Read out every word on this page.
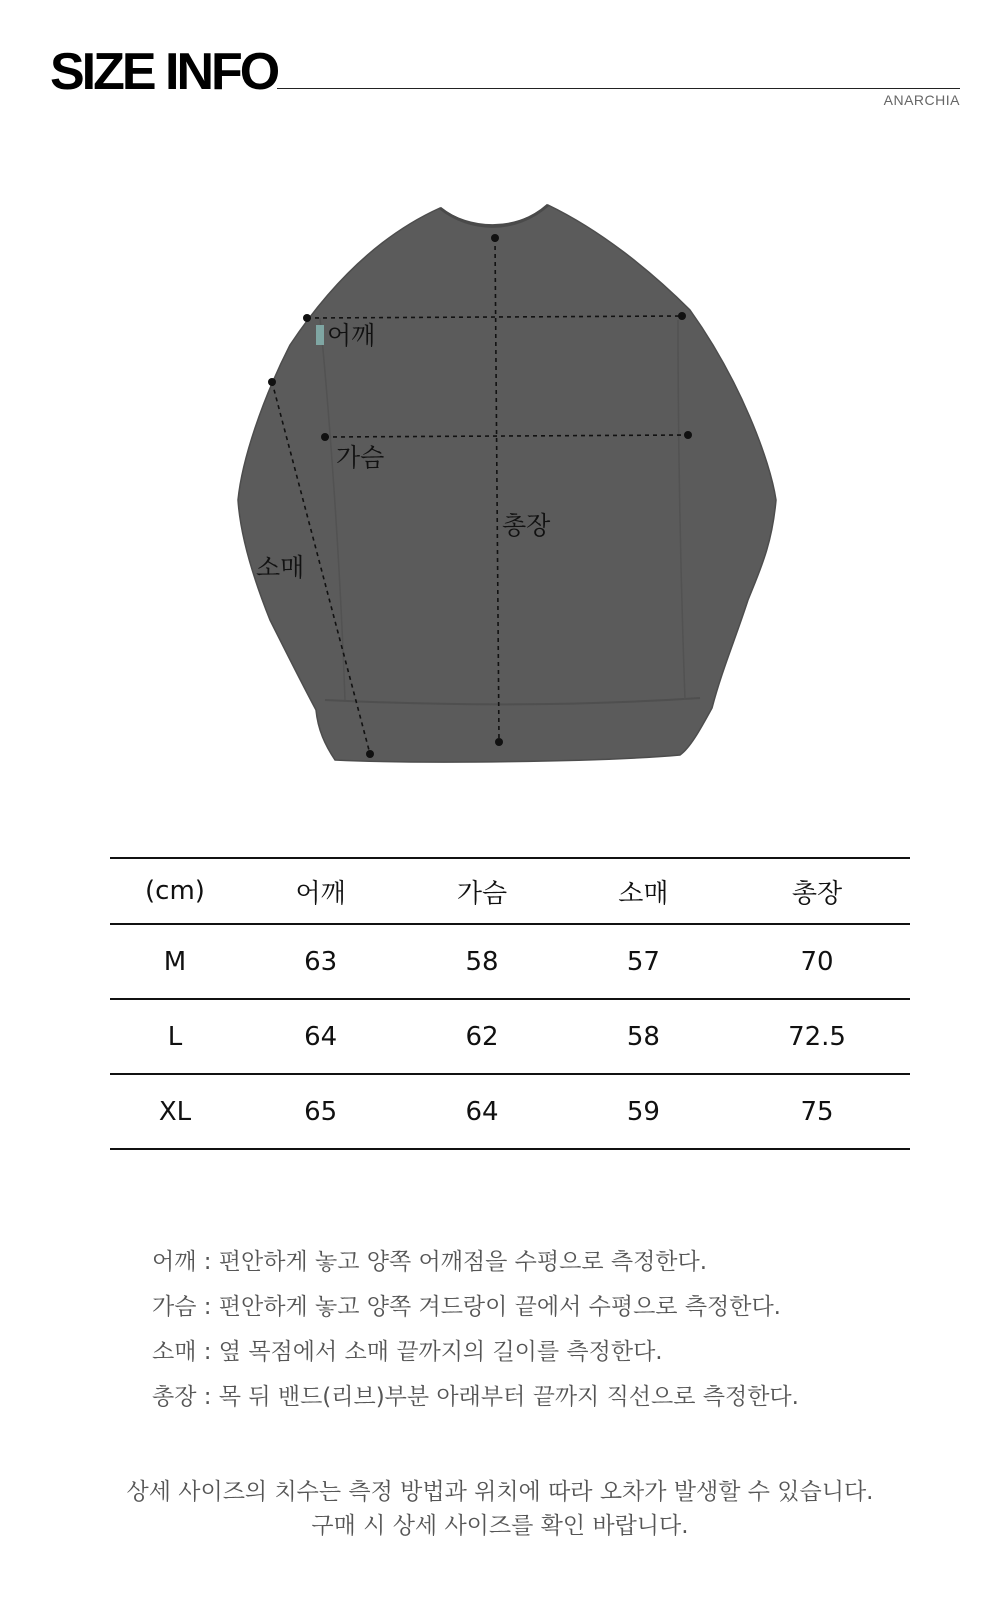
SIZE INFO	ANARCHIA
어깨
가슴
소매
총장
(cm)	어깨	가슴	소매	총장
M	63	58	57	70
L	64	62	58	72.5
XL	65	64	59	75
어깨 : 편안하게 놓고 양쪽 어깨점을 수평으로 측정한다.
가슴 : 편안하게 놓고 양쪽 겨드랑이 끝에서 수평으로 측정한다.
소매 : 옆 목점에서 소매 끝까지의 길이를 측정한다.
총장 : 목 뒤 밴드(리브)부분 아래부터 끝까지 직선으로 측정한다.
상세 사이즈의 치수는 측정 방법과 위치에 따라 오차가 발생할 수 있습니다.
구매 시 상세 사이즈를 확인 바랍니다.
